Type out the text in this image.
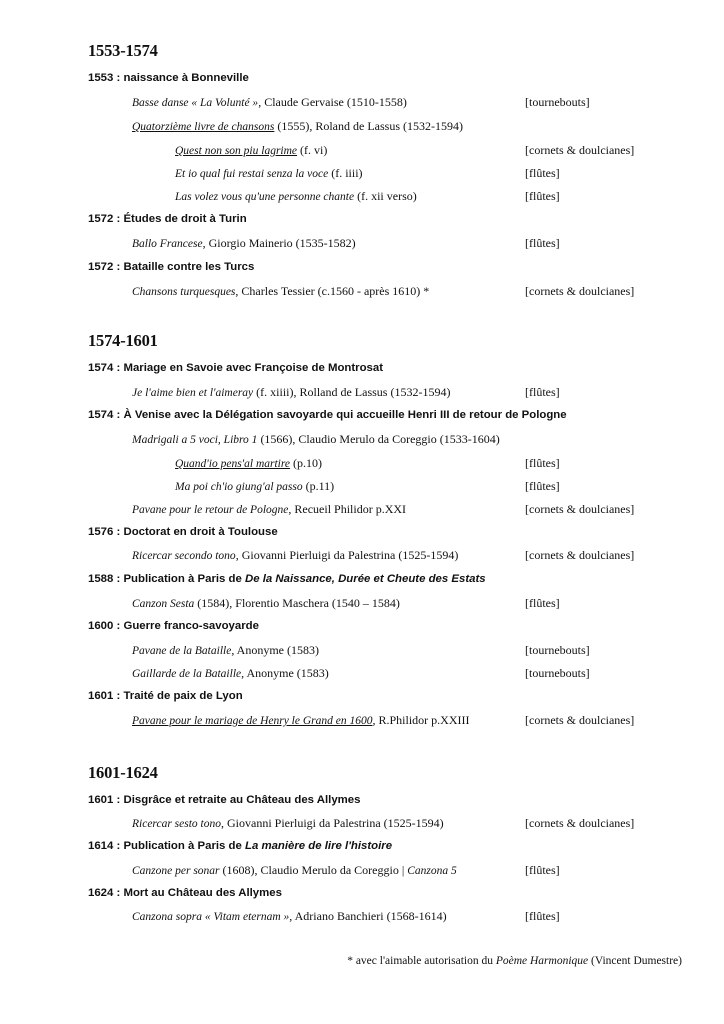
1553-1574
1553 : naissance à Bonneville
Basse danse « La Volunté », Claude Gervaise (1510-1558)	[tournebouts]
Quatorzième livre de chansons (1555), Roland de Lassus (1532-1594)
Quest non son piu lagrime (f. vi)	[cornets & doulcianes]
Et io qual fui restai senza la voce (f. iiii)	[flûtes]
Las volez vous qu'une personne chante (f. xii verso)	[flûtes]
1572 : Études de droit à Turin
Ballo Francese, Giorgio Mainerio (1535-1582)	[flûtes]
1572 : Bataille contre les Turcs
Chansons turquesques, Charles Tessier (c.1560 - après 1610) *	[cornets & doulcianes]
1574-1601
1574 : Mariage en Savoie avec Françoise de Montrosat
Je l'aime bien et l'aimeray (f. xiiii), Rolland de Lassus (1532-1594)	[flûtes]
1574 : À Venise avec la Délégation savoyarde qui accueille Henri III de retour de Pologne
Madrigali a 5 voci, Libro 1 (1566), Claudio Merulo da Coreggio (1533-1604)
Quand'io pens'al martire (p.10)	[flûtes]
Ma poi ch'io giung'al passo (p.11)	[flûtes]
Pavane pour le retour de Pologne, Recueil Philidor p.XXI	[cornets & doulcianes]
1576 : Doctorat en droit à Toulouse
Ricercar secondo tono, Giovanni Pierluigi da Palestrina (1525-1594)	[cornets & doulcianes]
1588 : Publication à Paris de De la Naissance, Durée et Cheute des Estats
Canzon Sesta (1584), Florentio Maschera (1540 – 1584)	[flûtes]
1600 : Guerre franco-savoyarde
Pavane de la Bataille, Anonyme (1583)	[tournebouts]
Gaillarde de la Bataille, Anonyme (1583)	[tournebouts]
1601 : Traité de paix de Lyon
Pavane pour le mariage de Henry le Grand en 1600, R.Philidor p.XXIII	[cornets & doulcianes]
1601-1624
1601 : Disgrâce et retraite au Château des Allymes
Ricercar sesto tono, Giovanni Pierluigi da Palestrina (1525-1594)	[cornets & doulcianes]
1614 : Publication à Paris de La manière de lire l'histoire
Canzone per sonar (1608), Claudio Merulo da Coreggio | Canzona 5	[flûtes]
1624 : Mort au Château des Allymes
Canzona sopra « Vitam eternam », Adriano Banchieri (1568-1614)	[flûtes]
* avec l'aimable autorisation du Poème Harmonique (Vincent Dumestre)
